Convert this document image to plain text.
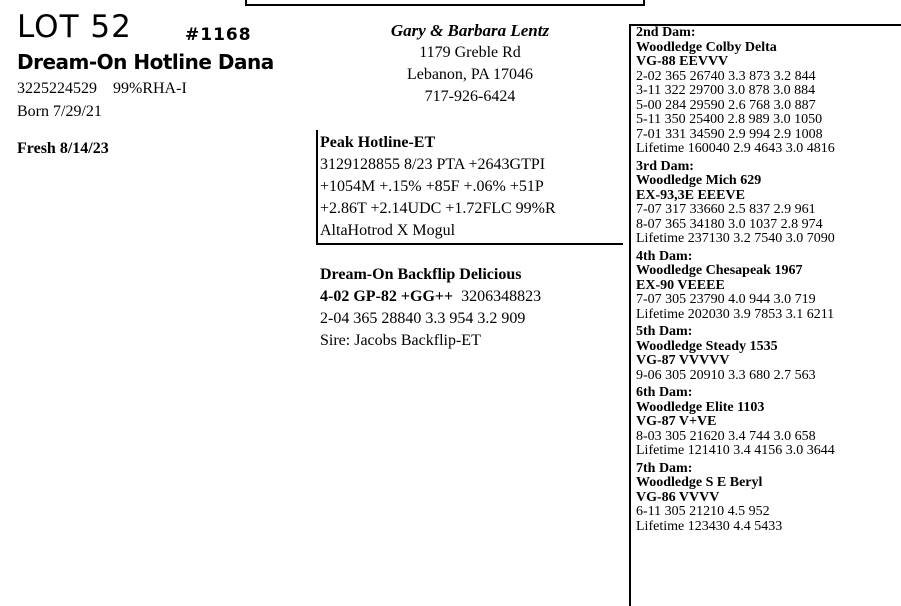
LOT 52	#1168
Dream-On Hotline Dana
3225224529    99%RHA-I
Born 7/29/21
Fresh 8/14/23
Gary & Barbara Lentz
1179 Greble Rd
Lebanon, PA 17046
717-926-6424
Peak Hotline-ET
3129128855 8/23 PTA +2643GTPI
+1054M +.15% +85F +.06% +51P
+2.86T +2.14UDC +1.72FLC 99%R
AltaHotrod X Mogul
Dream-On Backflip Delicious
4-02 GP-82 +GG++ 3206348823
2-04 365 28840 3.3 954 3.2 909
Sire: Jacobs Backflip-ET
2nd Dam:
Woodledge Colby Delta
VG-88 EEVVV
2-02 365 26740 3.3 873 3.2 844
3-11 322 29700 3.0 878 3.0 884
5-00 284 29590 2.6 768 3.0 887
5-11 350 25400 2.8 989 3.0 1050
7-01 331 34590 2.9 994 2.9 1008
Lifetime 160040 2.9 4643 3.0 4816
3rd Dam:
Woodledge Mich 629
EX-93,3E EEEVE
7-07 317 33660 2.5 837 2.9 961
8-07 365 34180 3.0 1037 2.8 974
Lifetime 237130 3.2 7540 3.0 7090
4th Dam:
Woodledge Chesapeak 1967
EX-90 VEEEE
7-07 305 23790 4.0 944 3.0 719
Lifetime 202030 3.9 7853 3.1 6211
5th Dam:
Woodledge Steady 1535
VG-87 VVVVV
9-06 305 20910 3.3 680 2.7 563
6th Dam:
Woodledge Elite 1103
VG-87 V+VE
8-03 305 21620 3.4 744 3.0 658
Lifetime 121410 3.4 4156 3.0 3644
7th Dam:
Woodledge S E Beryl
VG-86 VVVV
6-11 305 21210 4.5 952
Lifetime 123430 4.4 5433
